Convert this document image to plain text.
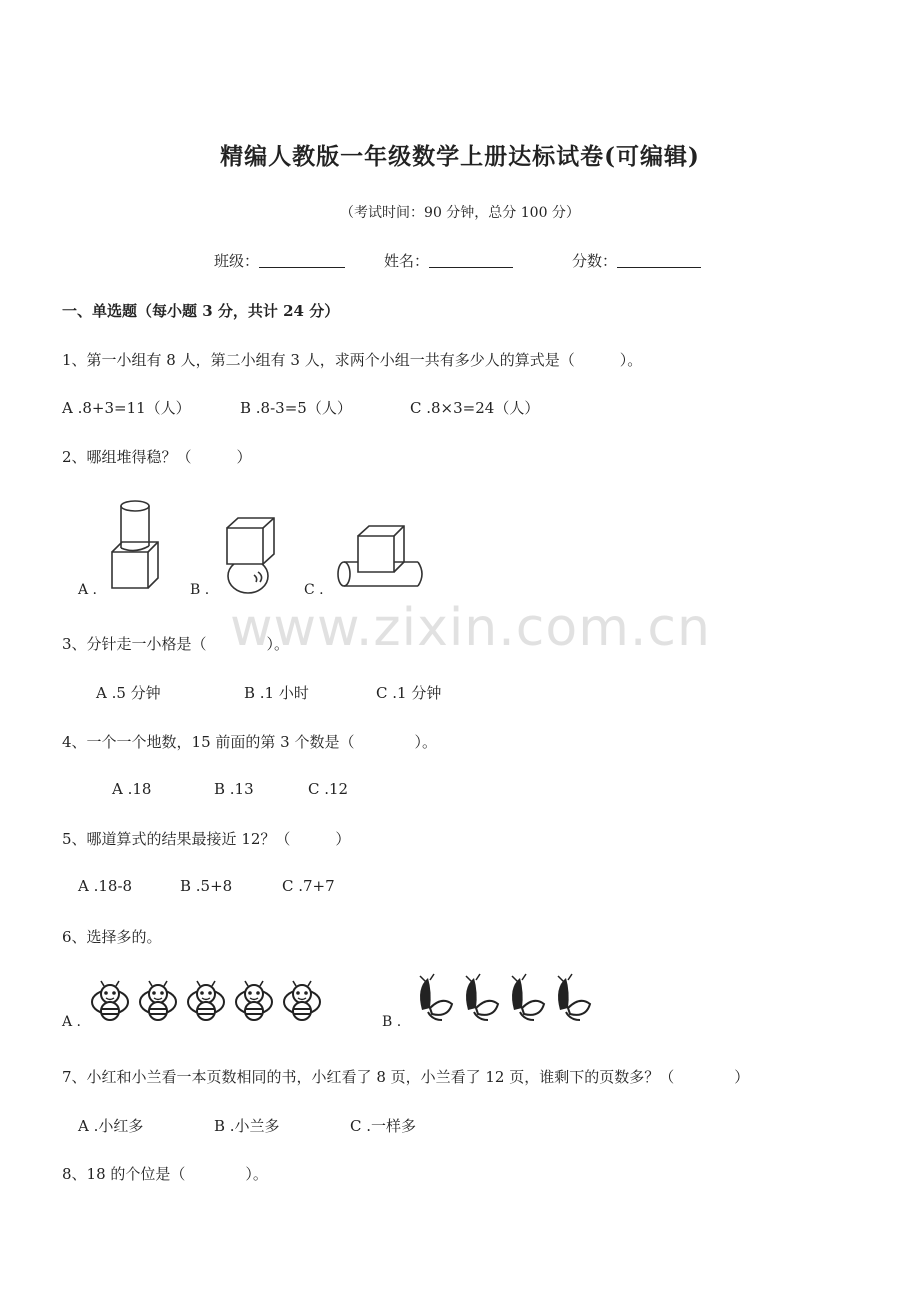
精编人教版一年级数学上册达标试卷(可编辑)
（考试时间：90 分钟，总分 100 分）
班级：	姓名：	分数：
一、单选题（每小题 3 分，共计 24 分）
1、第一小组有 8 人，第二小组有 3 人，求两个小组一共有多少人的算式是（　　　）。
A .8+3=11（人）	B .8-3=5（人）	C .8×3=24（人）
2、哪组堆得稳？（　　　）
A .	B .	C .
www.zixin.com.cn
3、分针走一小格是（　　　　）。
A .5 分钟	B .1 小时	C .1 分钟
4、一个一个地数，15 前面的第 3 个数是（　　　　）。
A .18	B .13	C .12
5、哪道算式的结果最接近 12？（　　　）
A .18-8	B .5+8	C .7+7
6、选择多的。
A .	B .
7、小红和小兰看一本页数相同的书，小红看了 8 页，小兰看了 12 页，谁剩下的页数多？（　　　　）
A .小红多	B .小兰多	C .一样多
8、18 的个位是（　　　　）。
